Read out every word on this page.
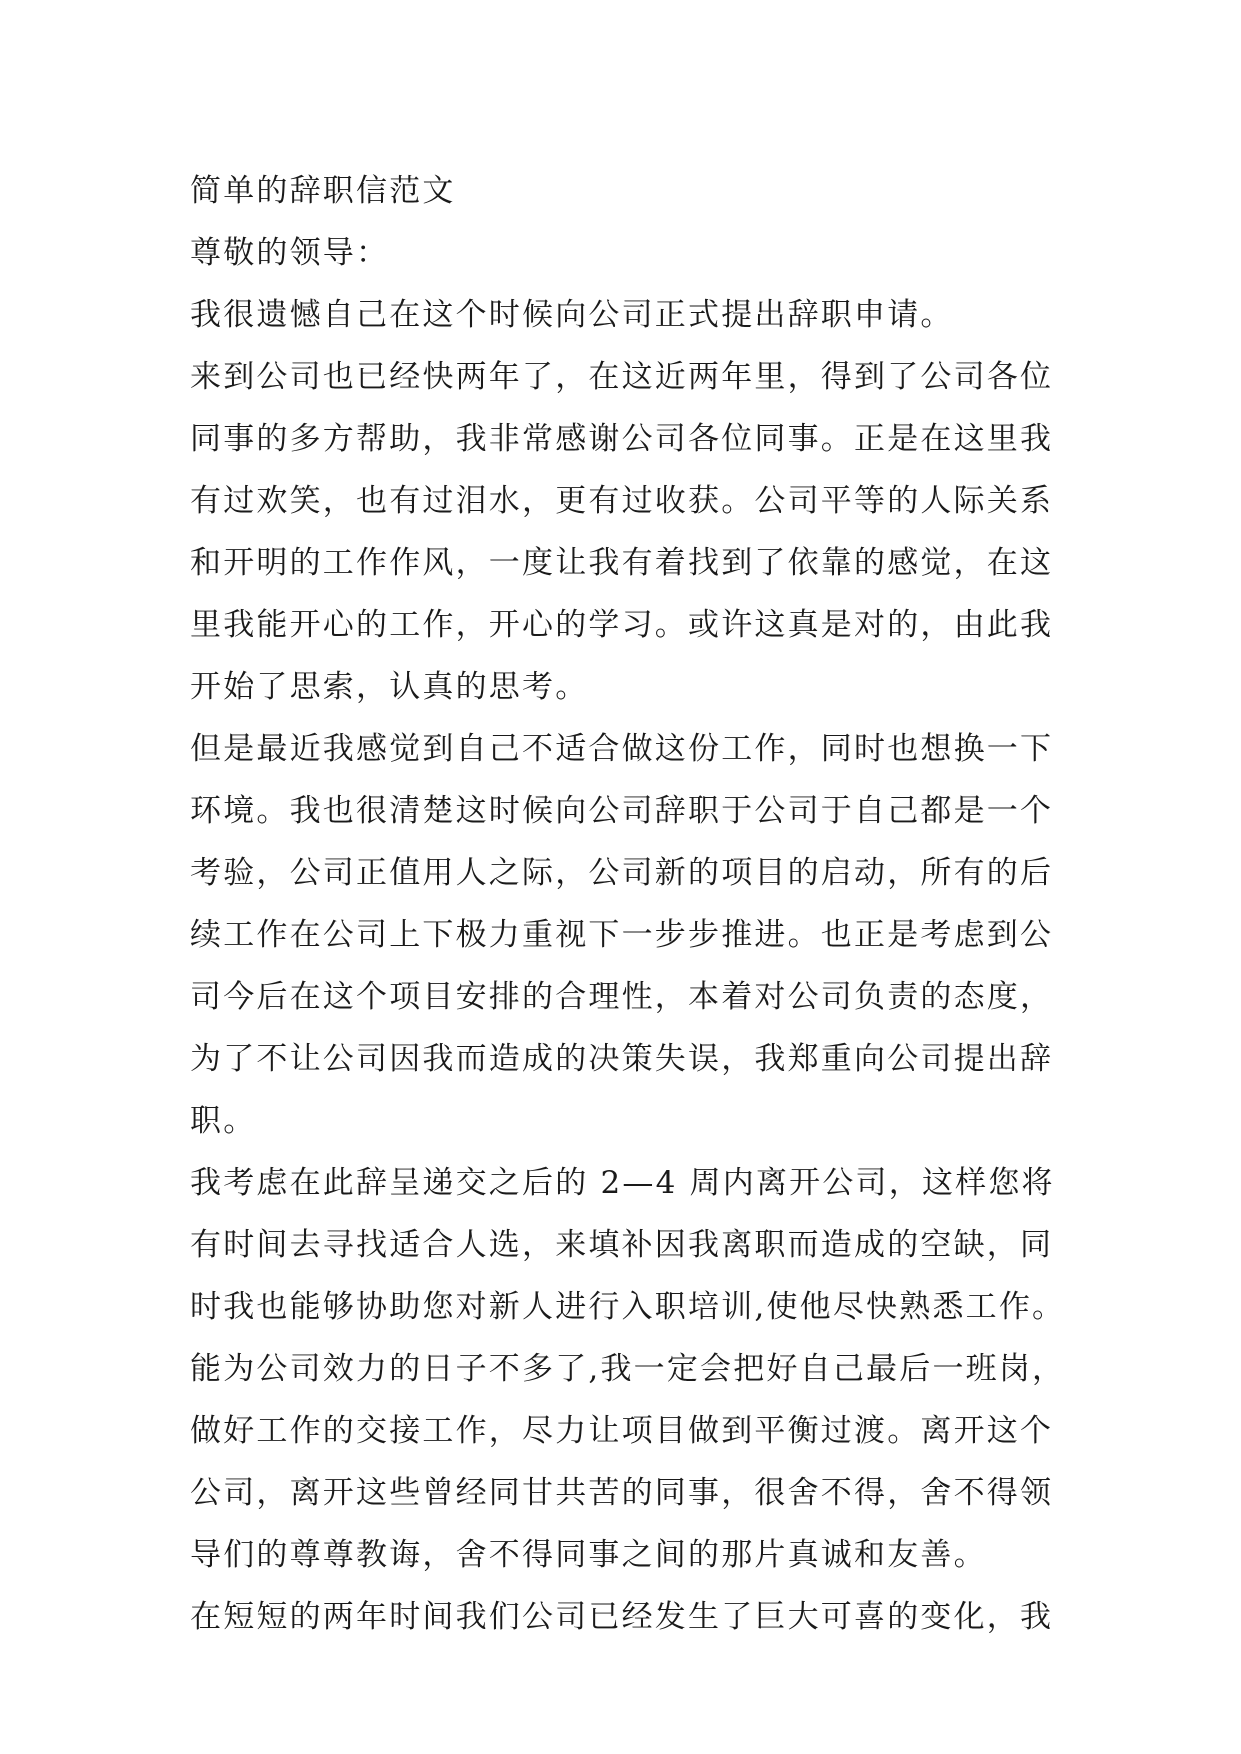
简单的辞职信范文
尊敬的领导：
我很遗憾自己在这个时候向公司正式提出辞职申请。
来到公司也已经快两年了，在这近两年里，得到了公司各位
同事的多方帮助，我非常感谢公司各位同事。正是在这里我
有过欢笑，也有过泪水，更有过收获。公司平等的人际关系
和开明的工作作风，一度让我有着找到了依靠的感觉，在这
里我能开心的工作，开心的学习。或许这真是对的，由此我
开始了思索，认真的思考。
但是最近我感觉到自己不适合做这份工作，同时也想换一下
环境。我也很清楚这时候向公司辞职于公司于自己都是一个
考验，公司正值用人之际，公司新的项目的启动，所有的后
续工作在公司上下极力重视下一步步推进。也正是考虑到公
司今后在这个项目安排的合理性，本着对公司负责的态度，
为了不让公司因我而造成的决策失误，我郑重向公司提出辞
职。
我考虑在此辞呈递交之后的 2—4 周内离开公司，这样您将
有时间去寻找适合人选，来填补因我离职而造成的空缺，同
时我也能够协助您对新人进行入职培训,使他尽快熟悉工作。
能为公司效力的日子不多了,我一定会把好自己最后一班岗，
做好工作的交接工作，尽力让项目做到平衡过渡。离开这个
公司，离开这些曾经同甘共苦的同事，很舍不得，舍不得领
导们的尊尊教诲，舍不得同事之间的那片真诚和友善。
在短短的两年时间我们公司已经发生了巨大可喜的变化，我
